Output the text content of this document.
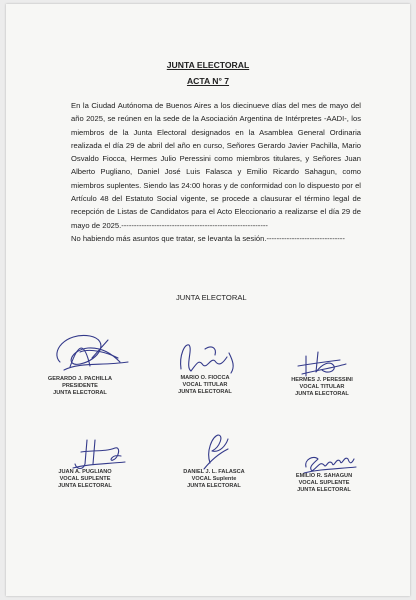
JUNTA ELECTORAL
ACTA N° 7

En la Ciudad Autónoma de Buenos Aires a los diecinueve días del mes de mayo del año 2025, se reúnen en la sede de la Asociación Argentina de Intérpretes -AADI-, los miembros de la Junta Electoral designados en la Asamblea General Ordinaria realizada el día 29 de abril del año en curso, Señores Gerardo Javier Pachilla, Mario Osvaldo Fiocca, Hermes Julio Peressini como miembros titulares, y Señores Juan Alberto Pugliano, Daniel José Luis Falasca y Emilio Ricardo Sahagun, como miembros suplentes. Siendo las 24:00 horas y de conformidad con lo dispuesto por el Artículo 48 del Estatuto Social vigente, se procede a clausurar el término legal de recepción de Listas de Candidatos para el Acto Eleccionario a realizarse el día 29 de mayo de 2025.----------------------------------------------------------

No habiendo más asuntos que tratar, se levanta la sesión.-------------------------------

JUNTA ELECTORAL
GERARDO J. PACHILLA
PRESIDENTE
JUNTA ELECTORAL
MARIO O. FIOCCA
VOCAL TITULAR
JUNTA ELECTORAL
HERMES J. PERESSINI
VOCAL TITULAR
JUNTA ELECTORAL
JUAN A. PUGLIANO
VOCAL SUPLENTE
JUNTA ELECTORAL
DANIEL J. L. FALASCA
VOCAL Suplente
JUNTA ELECTORAL
EMILIO R. SAHAGUN
VOCAL SUPLENTE
JUNTA ELECTORAL
